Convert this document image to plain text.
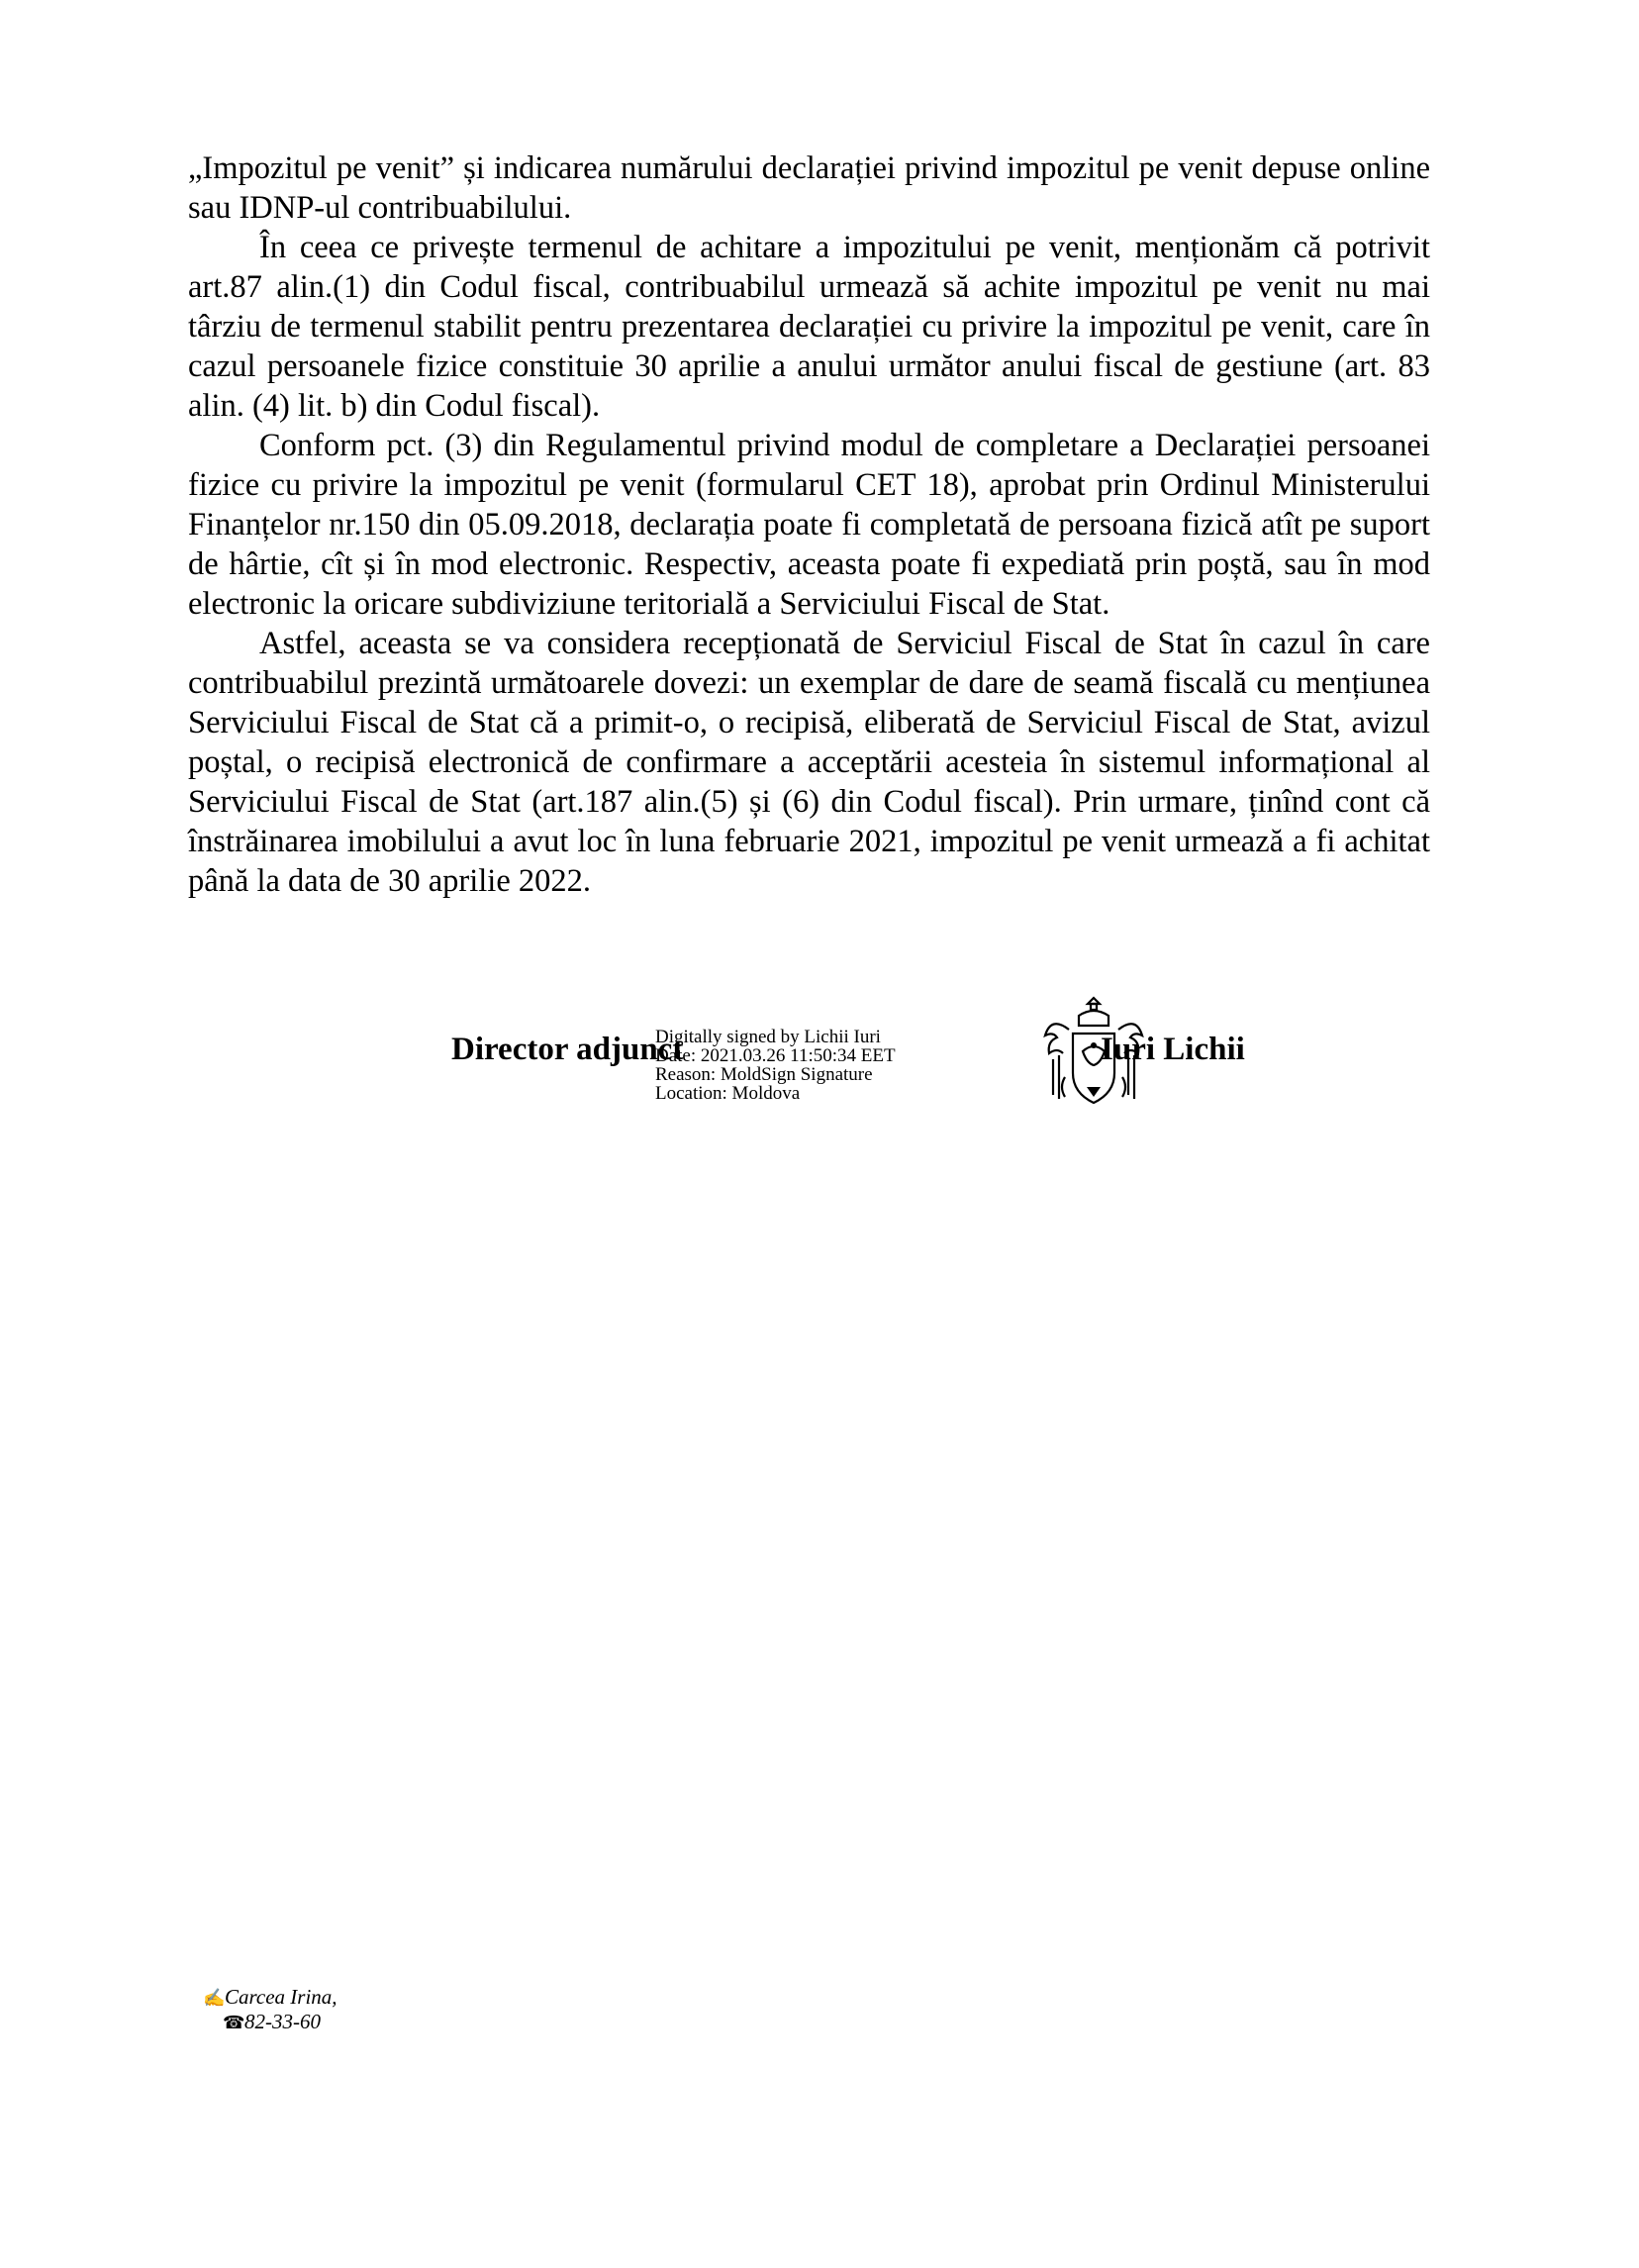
„Impozitul pe venit” și indicarea numărului declarației privind impozitul pe venit depuse online sau IDNP-ul contribuabilului.

În ceea ce privește termenul de achitare a impozitului pe venit, menționăm că potrivit art.87 alin.(1) din Codul fiscal, contribuabilul urmează să achite impozitul pe venit nu mai târziu de termenul stabilit pentru prezentarea declarației cu privire la impozitul pe venit, care în cazul persoanele fizice constituie 30 aprilie a anului următor anului fiscal de gestiune (art. 83 alin. (4) lit. b) din Codul fiscal).

Conform pct. (3) din Regulamentul privind modul de completare a Declarației persoanei fizice cu privire la impozitul pe venit (formularul CET 18), aprobat prin Ordinul Ministerului Finanțelor nr.150 din 05.09.2018, declarația poate fi completată de persoana fizică atît pe suport de hârtie, cît și în mod electronic. Respectiv, aceasta poate fi expediată prin poștă, sau în mod electronic la oricare subdiviziune teritorială a Serviciului Fiscal de Stat.

Astfel, aceasta se va considera recepționată de Serviciul Fiscal de Stat în cazul în care contribuabilul prezintă următoarele dovezi: un exemplar de dare de seamă fiscală cu mențiunea Serviciului Fiscal de Stat că a primit-o, o recipisă, eliberată de Serviciul Fiscal de Stat, avizul poștal, o recipisă electronică de confirmare a acceptării acesteia în sistemul informațional al Serviciului Fiscal de Stat (art.187 alin.(5) și (6) din Codul fiscal). Prin urmare, ținînd cont că înstrăinarea imobilului a avut loc în luna februarie 2021, impozitul pe venit urmează a fi achitat până la data de 30 aprilie 2022.

Director adjunct
Digitally signed by Lichii Iuri
Date: 2021.03.26 11:50:34 EET
Reason: MoldSign Signature
Location: Moldova
Iuri Lichii
✍Carcea Irina,
☎82-33-60
